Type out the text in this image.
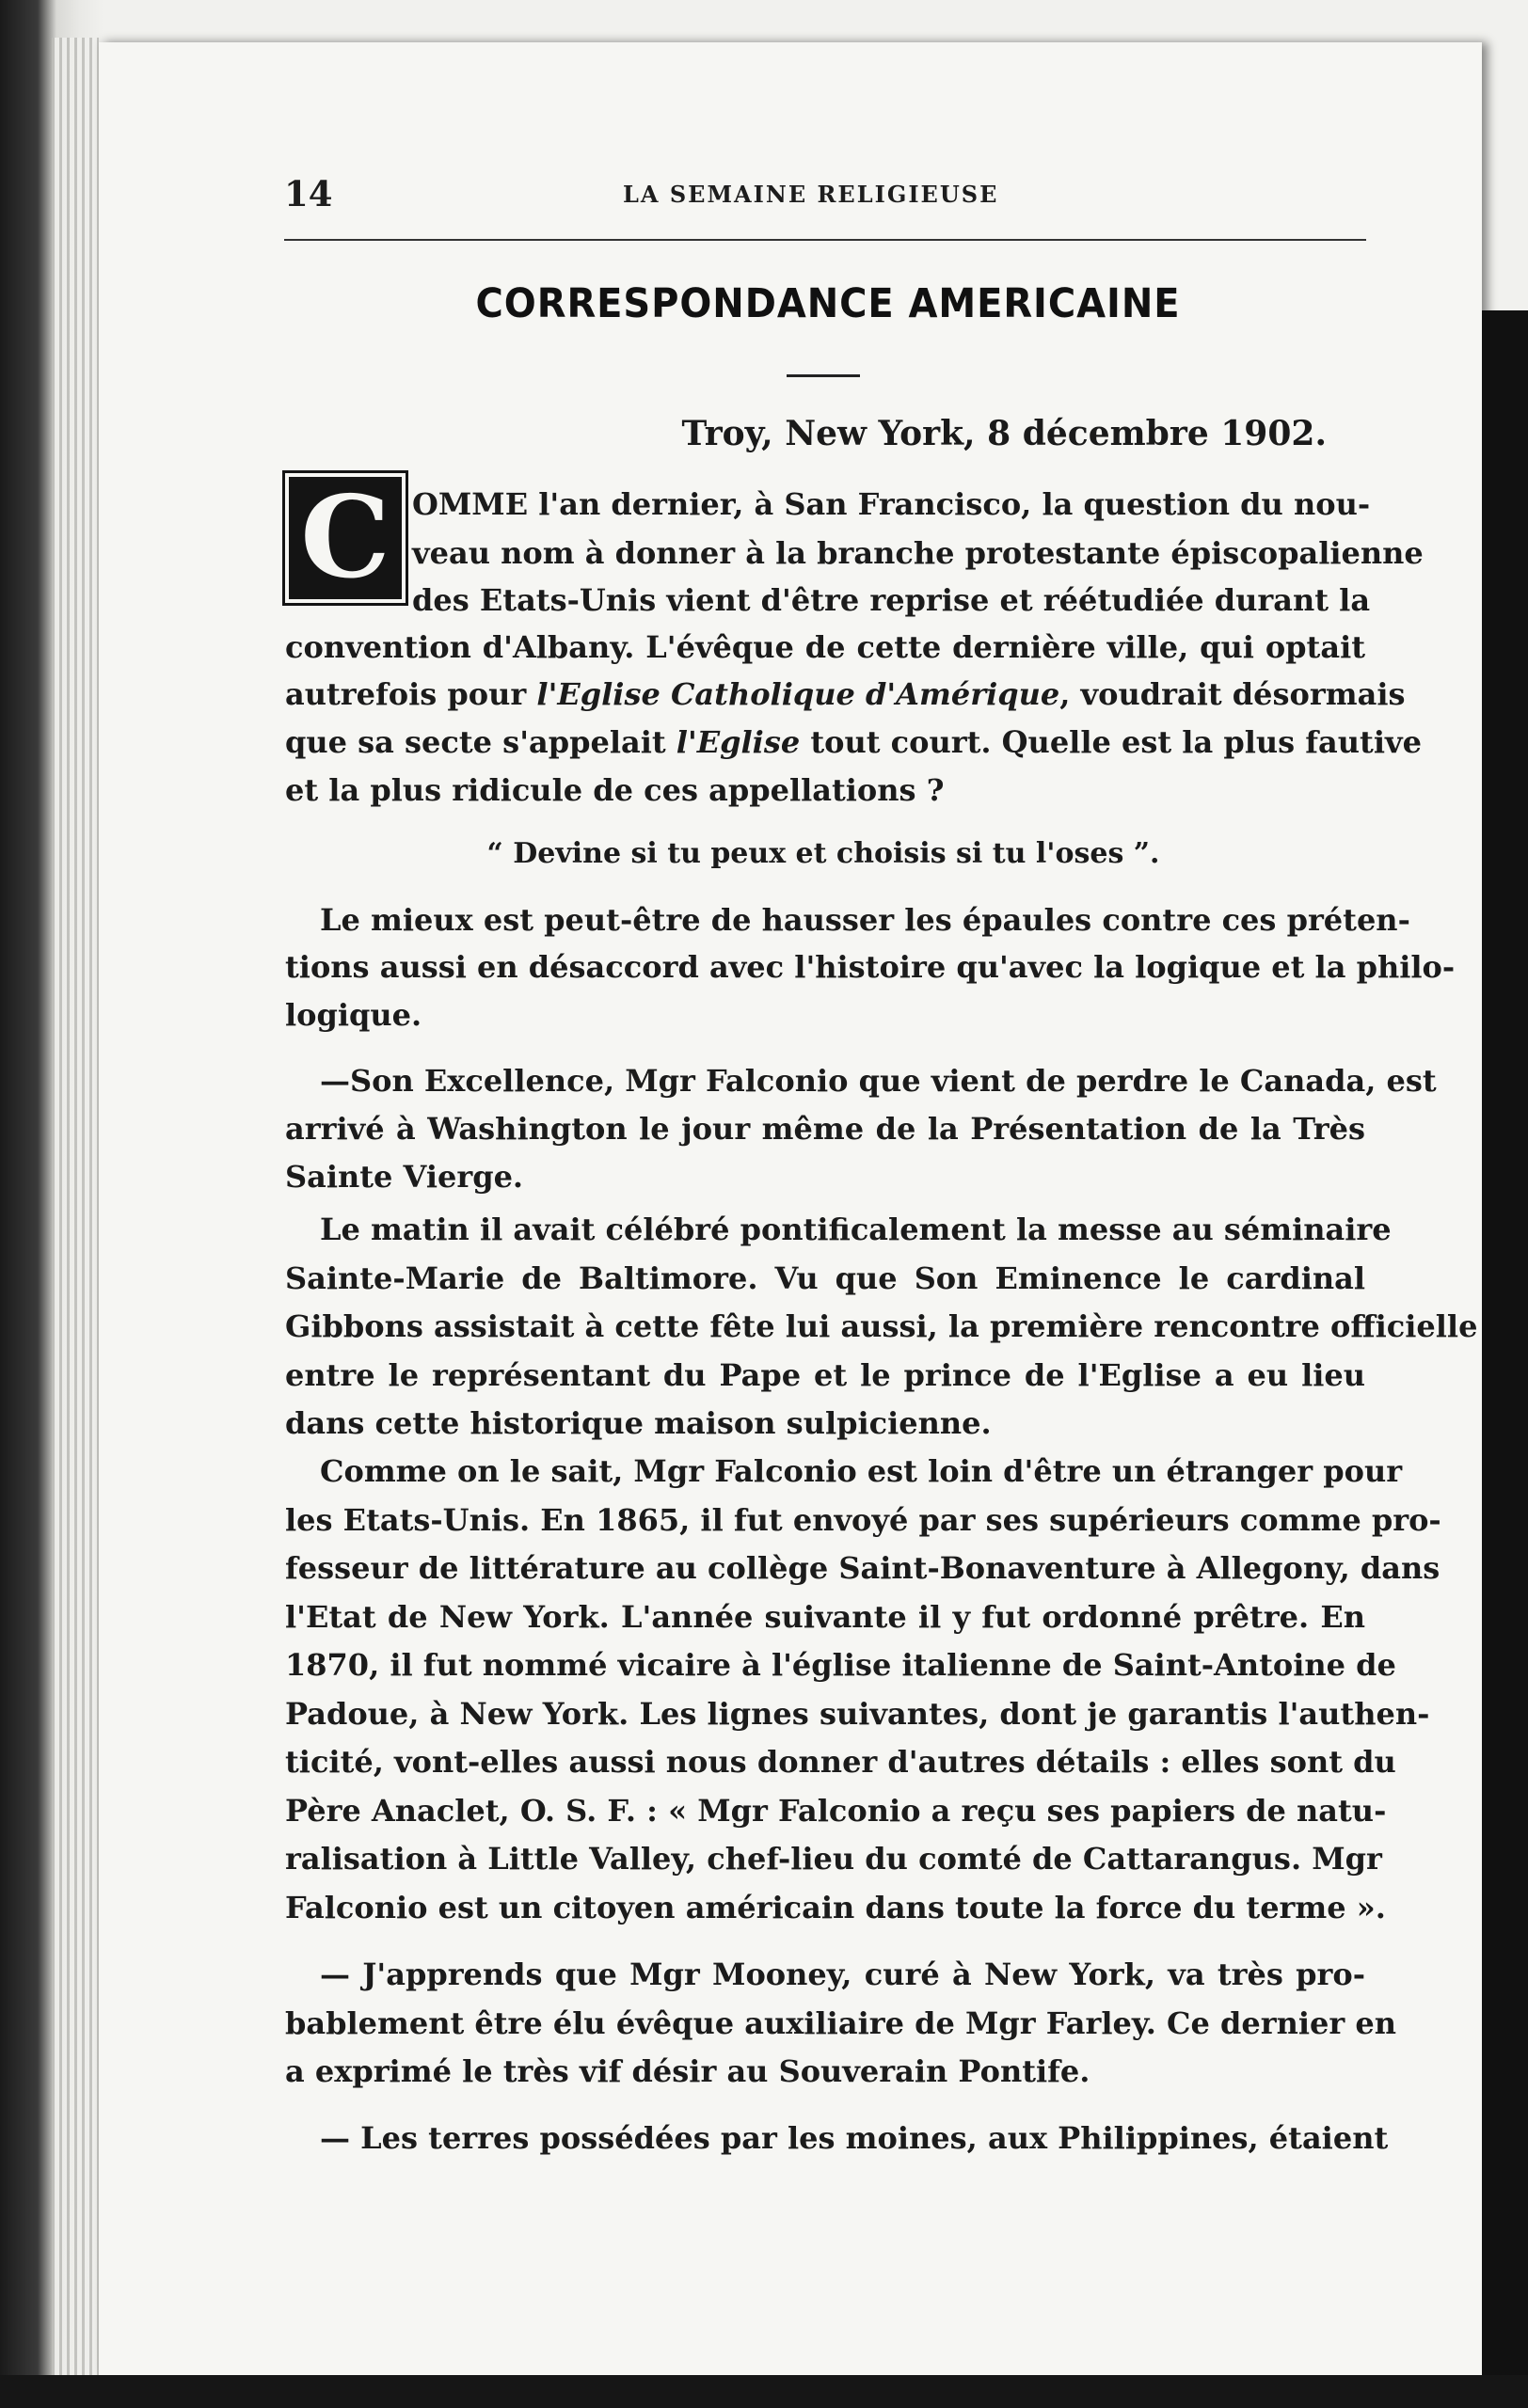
14	LA SEMAINE RELIGIEUSE
CORRESPONDANCE AMERICAINE
Troy, New York, 8 décembre 1902.
C OMME l'an dernier, à San Francisco, la question du nou-
veau nom à donner à la branche protestante épiscopalienne
des Etats-Unis vient d'être reprise et réétudiée durant la
convention d'Albany. L'évêque de cette dernière ville, qui optait
autrefois pour l'Eglise Catholique d'Amérique, voudrait désormais
que sa secte s'appelait l'Eglise tout court. Quelle est la plus fautive
et la plus ridicule de ces appellations ?
“ Devine si tu peux et choisis si tu l'oses ”.
Le mieux est peut-être de hausser les épaules contre ces préten-
tions aussi en désaccord avec l'histoire qu'avec la logique et la philo-
logique.
—Son Excellence, Mgr Falconio que vient de perdre le Canada, est
arrivé à Washington le jour même de la Présentation de la Très
Sainte Vierge.
Le matin il avait célébré pontificalement la messe au séminaire
Sainte-Marie de Baltimore. Vu que Son Eminence le cardinal
Gibbons assistait à cette fête lui aussi, la première rencontre officielle
entre le représentant du Pape et le prince de l'Eglise a eu lieu
dans cette historique maison sulpicienne.
Comme on le sait, Mgr Falconio est loin d'être un étranger pour
les Etats-Unis. En 1865, il fut envoyé par ses supérieurs comme pro-
fesseur de littérature au collège Saint-Bonaventure à Allegony, dans
l'Etat de New York. L'année suivante il y fut ordonné prêtre. En
1870, il fut nommé vicaire à l'église italienne de Saint-Antoine de
Padoue, à New York. Les lignes suivantes, dont je garantis l'authen-
ticité, vont-elles aussi nous donner d'autres détails : elles sont du
Père Anaclet, O. S. F. : « Mgr Falconio a reçu ses papiers de natu-
ralisation à Little Valley, chef-lieu du comté de Cattarangus. Mgr
Falconio est un citoyen américain dans toute la force du terme ».
— J'apprends que Mgr Mooney, curé à New York, va très pro-
bablement être élu évêque auxiliaire de Mgr Farley. Ce dernier en
a exprimé le très vif désir au Souverain Pontife.
— Les terres possédées par les moines, aux Philippines, étaient
